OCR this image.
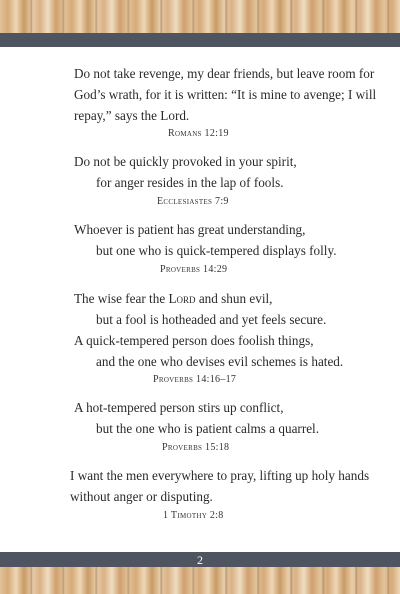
Do not take revenge, my dear friends, but leave room for
God’s wrath, for it is written: “It is mine to avenge; I will
repay,” says the Lord.
Romans 12:19
Do not be quickly provoked in your spirit,
for anger resides in the lap of fools.
Ecclesiastes 7:9
Whoever is patient has great understanding,
but one who is quick-tempered displays folly.
Proverbs 14:29
The wise fear the Lord and shun evil,
but a fool is hotheaded and yet feels secure.
A quick-tempered person does foolish things,
and the one who devises evil schemes is hated.
Proverbs 14:16–17
A hot-tempered person stirs up conflict,
but the one who is patient calms a quarrel.
Proverbs 15:18
I want the men everywhere to pray, lifting up holy hands
without anger or disputing.
1 Timothy 2:8
2
